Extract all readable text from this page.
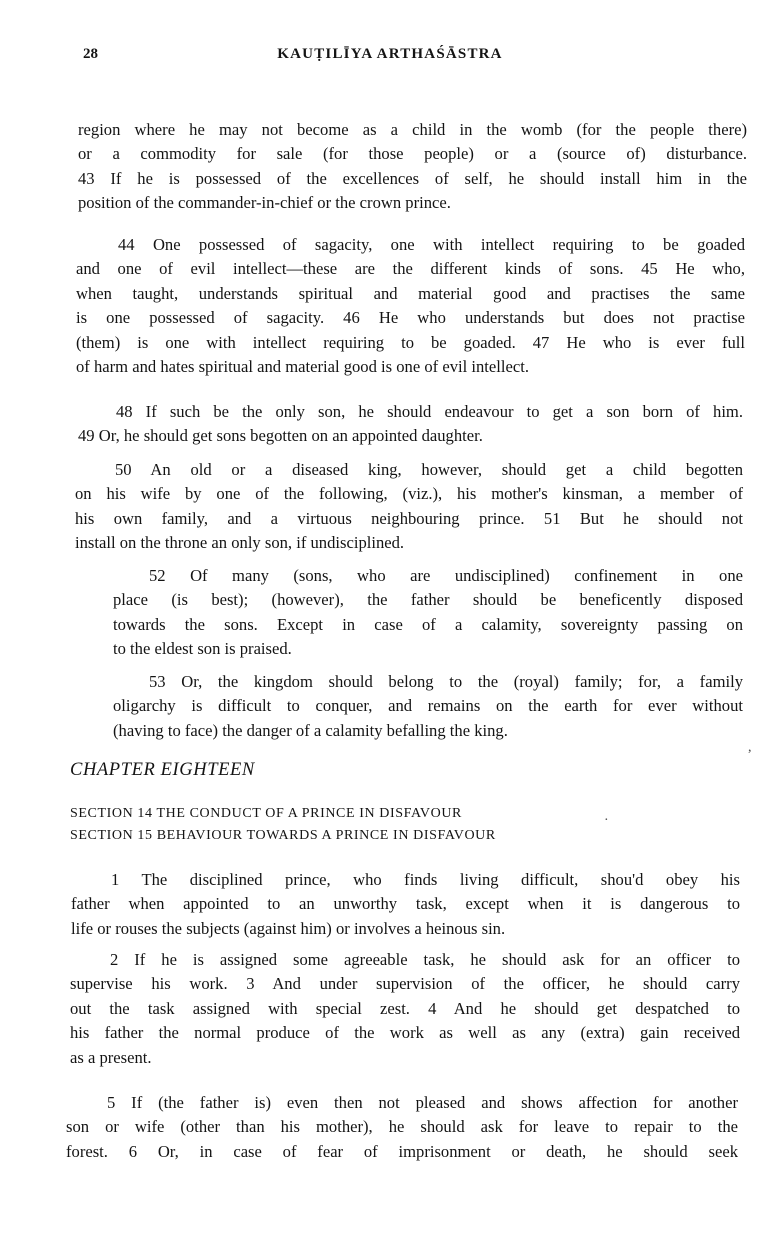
28	KAUṬILĪYA ARTHAŚĀSTRA
region where he may not become as a child in the womb (for the people there)
or a commodity for sale (for those people) or a (source of) disturbance.
43 If he is possessed of the excellences of self, he should install him in the
position of the commander-in-chief or the crown prince.
44 One possessed of sagacity, one with intellect requiring to be goaded
and one of evil intellect—these are the different kinds of sons. 45 He who,
when taught, understands spiritual and material good and practises the same
is one possessed of sagacity. 46 He who understands but does not practise
(them) is one with intellect requiring to be goaded. 47 He who is ever full
of harm and hates spiritual and material good is one of evil intellect.
48 If such be the only son, he should endeavour to get a son born of him.
49 Or, he should get sons begotten on an appointed daughter.
50 An old or a diseased king, however, should get a child begotten
on his wife by one of the following, (viz.), his mother's kinsman, a member of
his own family, and a virtuous neighbouring prince. 51 But he should not
install on the throne an only son, if undisciplined.
52 Of many (sons, who are undisciplined) confinement in one
place (is best); (however), the father should be beneficently disposed
towards the sons. Except in case of a calamity, sovereignty passing on
to the eldest son is praised.
53 Or, the kingdom should belong to the (royal) family; for, a family
oligarchy is difficult to conquer, and remains on the earth for ever without
(having to face) the danger of a calamity befalling the king.
CHAPTER EIGHTEEN
SECTION 14 THE CONDUCT OF A PRINCE IN DISFAVOUR
SECTION 15 BEHAVIOUR TOWARDS A PRINCE IN DISFAVOUR
1 The disciplined prince, who finds living difficult, shou'd obey his
father when appointed to an unworthy task, except when it is dangerous to
life or rouses the subjects (against him) or involves a heinous sin.
2 If he is assigned some agreeable task, he should ask for an officer to
supervise his work. 3 And under supervision of the officer, he should carry
out the task assigned with special zest. 4 And he should get despatched to
his father the normal produce of the work as well as any (extra) gain received
as a present.
5 If (the father is) even then not pleased and shows affection for another
son or wife (other than his mother), he should ask for leave to repair to the
forest. 6 Or, in case of fear of imprisonment or death, he should seek
,
·
